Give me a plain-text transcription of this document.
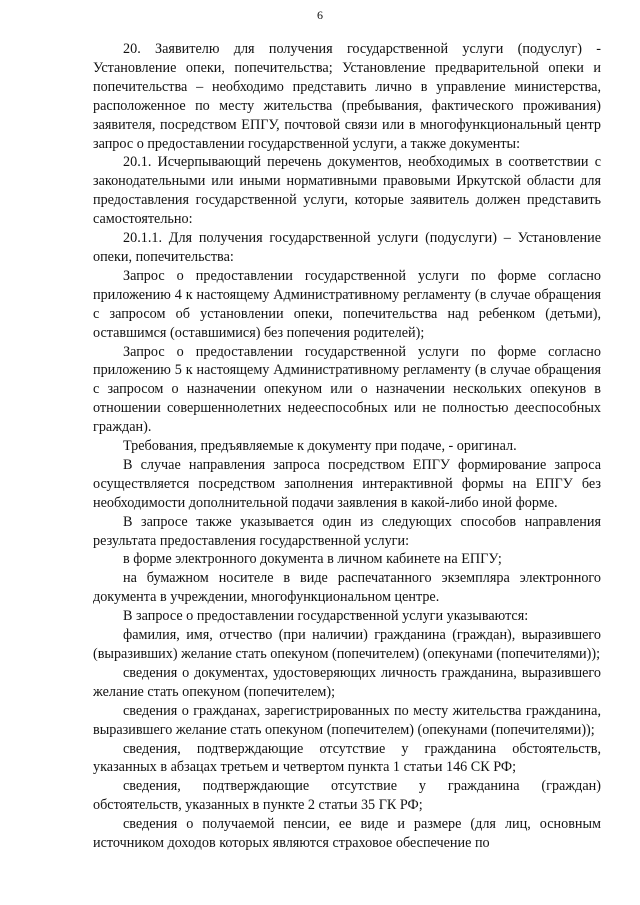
6

20. Заявителю для получения государственной услуги (подуслуг) - Установление опеки, попечительства; Установление предварительной опеки и попечительства – необходимо представить лично в управление министерства, расположенное по месту жительства (пребывания, фактического проживания) заявителя, посредством ЕПГУ, почтовой связи или в многофункциональный центр запрос о предоставлении государственной услуги, а также документы:

20.1. Исчерпывающий перечень документов, необходимых в соответствии с законодательными или иными нормативными правовыми Иркутской области для предоставления государственной услуги, которые заявитель должен представить самостоятельно:

20.1.1. Для получения государственной услуги (подуслуги) – Установление опеки, попечительства:

Запрос о предоставлении государственной услуги по форме согласно приложению 4 к настоящему Административному регламенту (в случае обращения с запросом об установлении опеки, попечительства над ребенком (детьми), оставшимся (оставшимися) без попечения родителей);

Запрос о предоставлении государственной услуги по форме согласно приложению 5 к настоящему Административному регламенту (в случае обращения с запросом о назначении опекуном или о назначении нескольких опекунов в отношении совершеннолетних недееспособных или не полностью дееспособных граждан).

Требования, предъявляемые к документу при подаче, - оригинал.

В случае направления запроса посредством ЕПГУ формирование запроса осуществляется посредством заполнения интерактивной формы на ЕПГУ без необходимости дополнительной подачи заявления в какой-либо иной форме.

В запросе также указывается один из следующих способов направления результата предоставления государственной услуги:

в форме электронного документа в личном кабинете на ЕПГУ;

на бумажном носителе в виде распечатанного экземпляра электронного документа в учреждении, многофункциональном центре.

В запросе о предоставлении государственной услуги указываются:

фамилия, имя, отчество (при наличии) гражданина (граждан), выразившего (выразивших) желание стать опекуном (попечителем) (опекунами (попечителями));

сведения о документах, удостоверяющих личность гражданина, выразившего желание стать опекуном (попечителем);

сведения о гражданах, зарегистрированных по месту жительства гражданина, выразившего желание стать опекуном (попечителем) (опекунами (попечителями));

сведения, подтверждающие отсутствие у гражданина обстоятельств, указанных в абзацах третьем и четвертом пункта 1 статьи 146 СК РФ;

сведения, подтверждающие отсутствие у гражданина (граждан) обстоятельств, указанных в пункте 2 статьи 35 ГК РФ;

сведения о получаемой пенсии, ее виде и размере (для лиц, основным источником доходов которых являются страховое обеспечение по
